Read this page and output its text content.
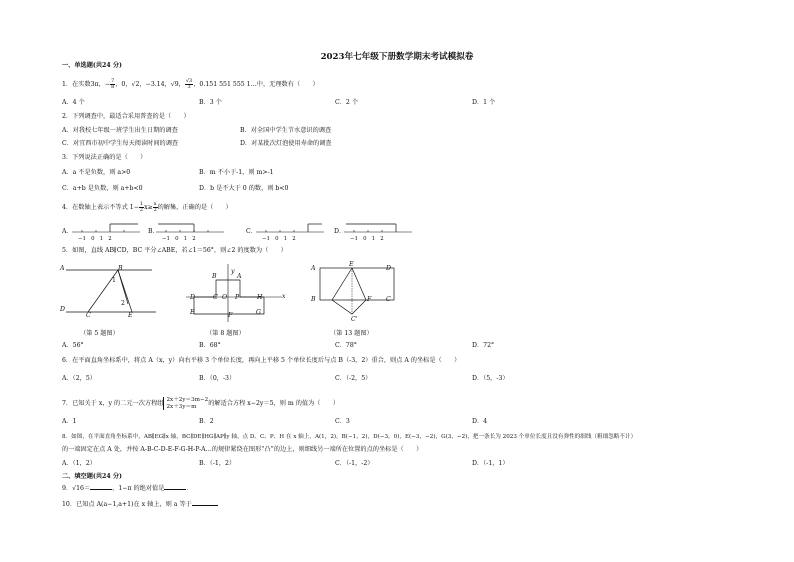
2023年七年级下册数学期末考试模拟卷
一、单选题(共24 分)
1．在实数3π，− $\frac{7}{8}$ ，0，√2，−3.14，√9， $\frac{√3}{3}$ ，0.151 551 555 1…中，无理数有（　　）
A．4 个	B．3 个	C．2 个	D．1 个
2．下列调查中，最适合采用普查的是（　　）
A．对我校七年级一班学生出生日期的调查	B．对全国中学生节水意识的调查
C．对宜西市初中学生每天阅读时间的调查	D．对某批次灯泡使用寿命的调查
3．下列说法正确的是（　　）
A．a 不是负数，则 a>0	B．m 不小于-1，则 m>-1
C．a+b 是负数，则 a+b<0	D．b 是不大于 0 的数，则 b<0
4．在数轴上表示不等式 $1- \frac{1}{2} x\ge \frac{x}{2}$ 的解集，正确的是（　　）
A．	B．	C．	D．
−1 0 1 2	−1 0 1 2	−1 0 1 2	−1 0 1 2
5．如图，直线 AB∥CD，BC 平分∠ABE，若∠1＝56°，则∠2 的度数为（　　）
A	B
C
D
E
1
2
（第 5 题图）
y
x
B	A
C O P
D
E	F	G
H
（第 8 题图）
A
E
D
B	F C
C'
（第 13 题图）
A．56°	B．68°	C．78°	D．72°
6．在平面直角坐标系中，将点 A（x，y）向右平移 3 个单位长度，再向上平移 5 个单位长度后与点 B（-3，2）重合，则点 A 的坐标是（　　）
A．（2，5）	B．（0，-3）	C．（-2，5）	D．（5，-3）
7．已知关于 x，y 的二元一次方程组 2x＋2y＝3m−2
2x＋3y＝m	的解适合方程 x−2y＝5，则 m 的值为（　　）
A．1	B．2	C．3	D．4
8．如图，在平面直角坐标系中，AB∥EG∥x 轴，BC∥DE∥HG∥AP∥y 轴，点 D、C、P、H 在 x 轴上，A(1，2)，B(−1，2)，D(−3，0)，E(−3，−2)，G(3，−2)，把一条长为 2023 个单位长度且没有弹性的细线（粗细忽略不计）
的一端固定在点 A 处，并按 A-B-C-D-E-F-G-H-P-A…的规律紧绕在图形“凸”的边上，则细线另一端所在位置的点的坐标是（　　）
A．（1，2）	B．（-1，2）	C．（-1，-2）	D．（-1，1）
二、填空题(共24 分)
9．√16＝	，1−π 的绝对值是	．
10．已知点 A(a−1,a+1)在 x 轴上，则 a 等于
